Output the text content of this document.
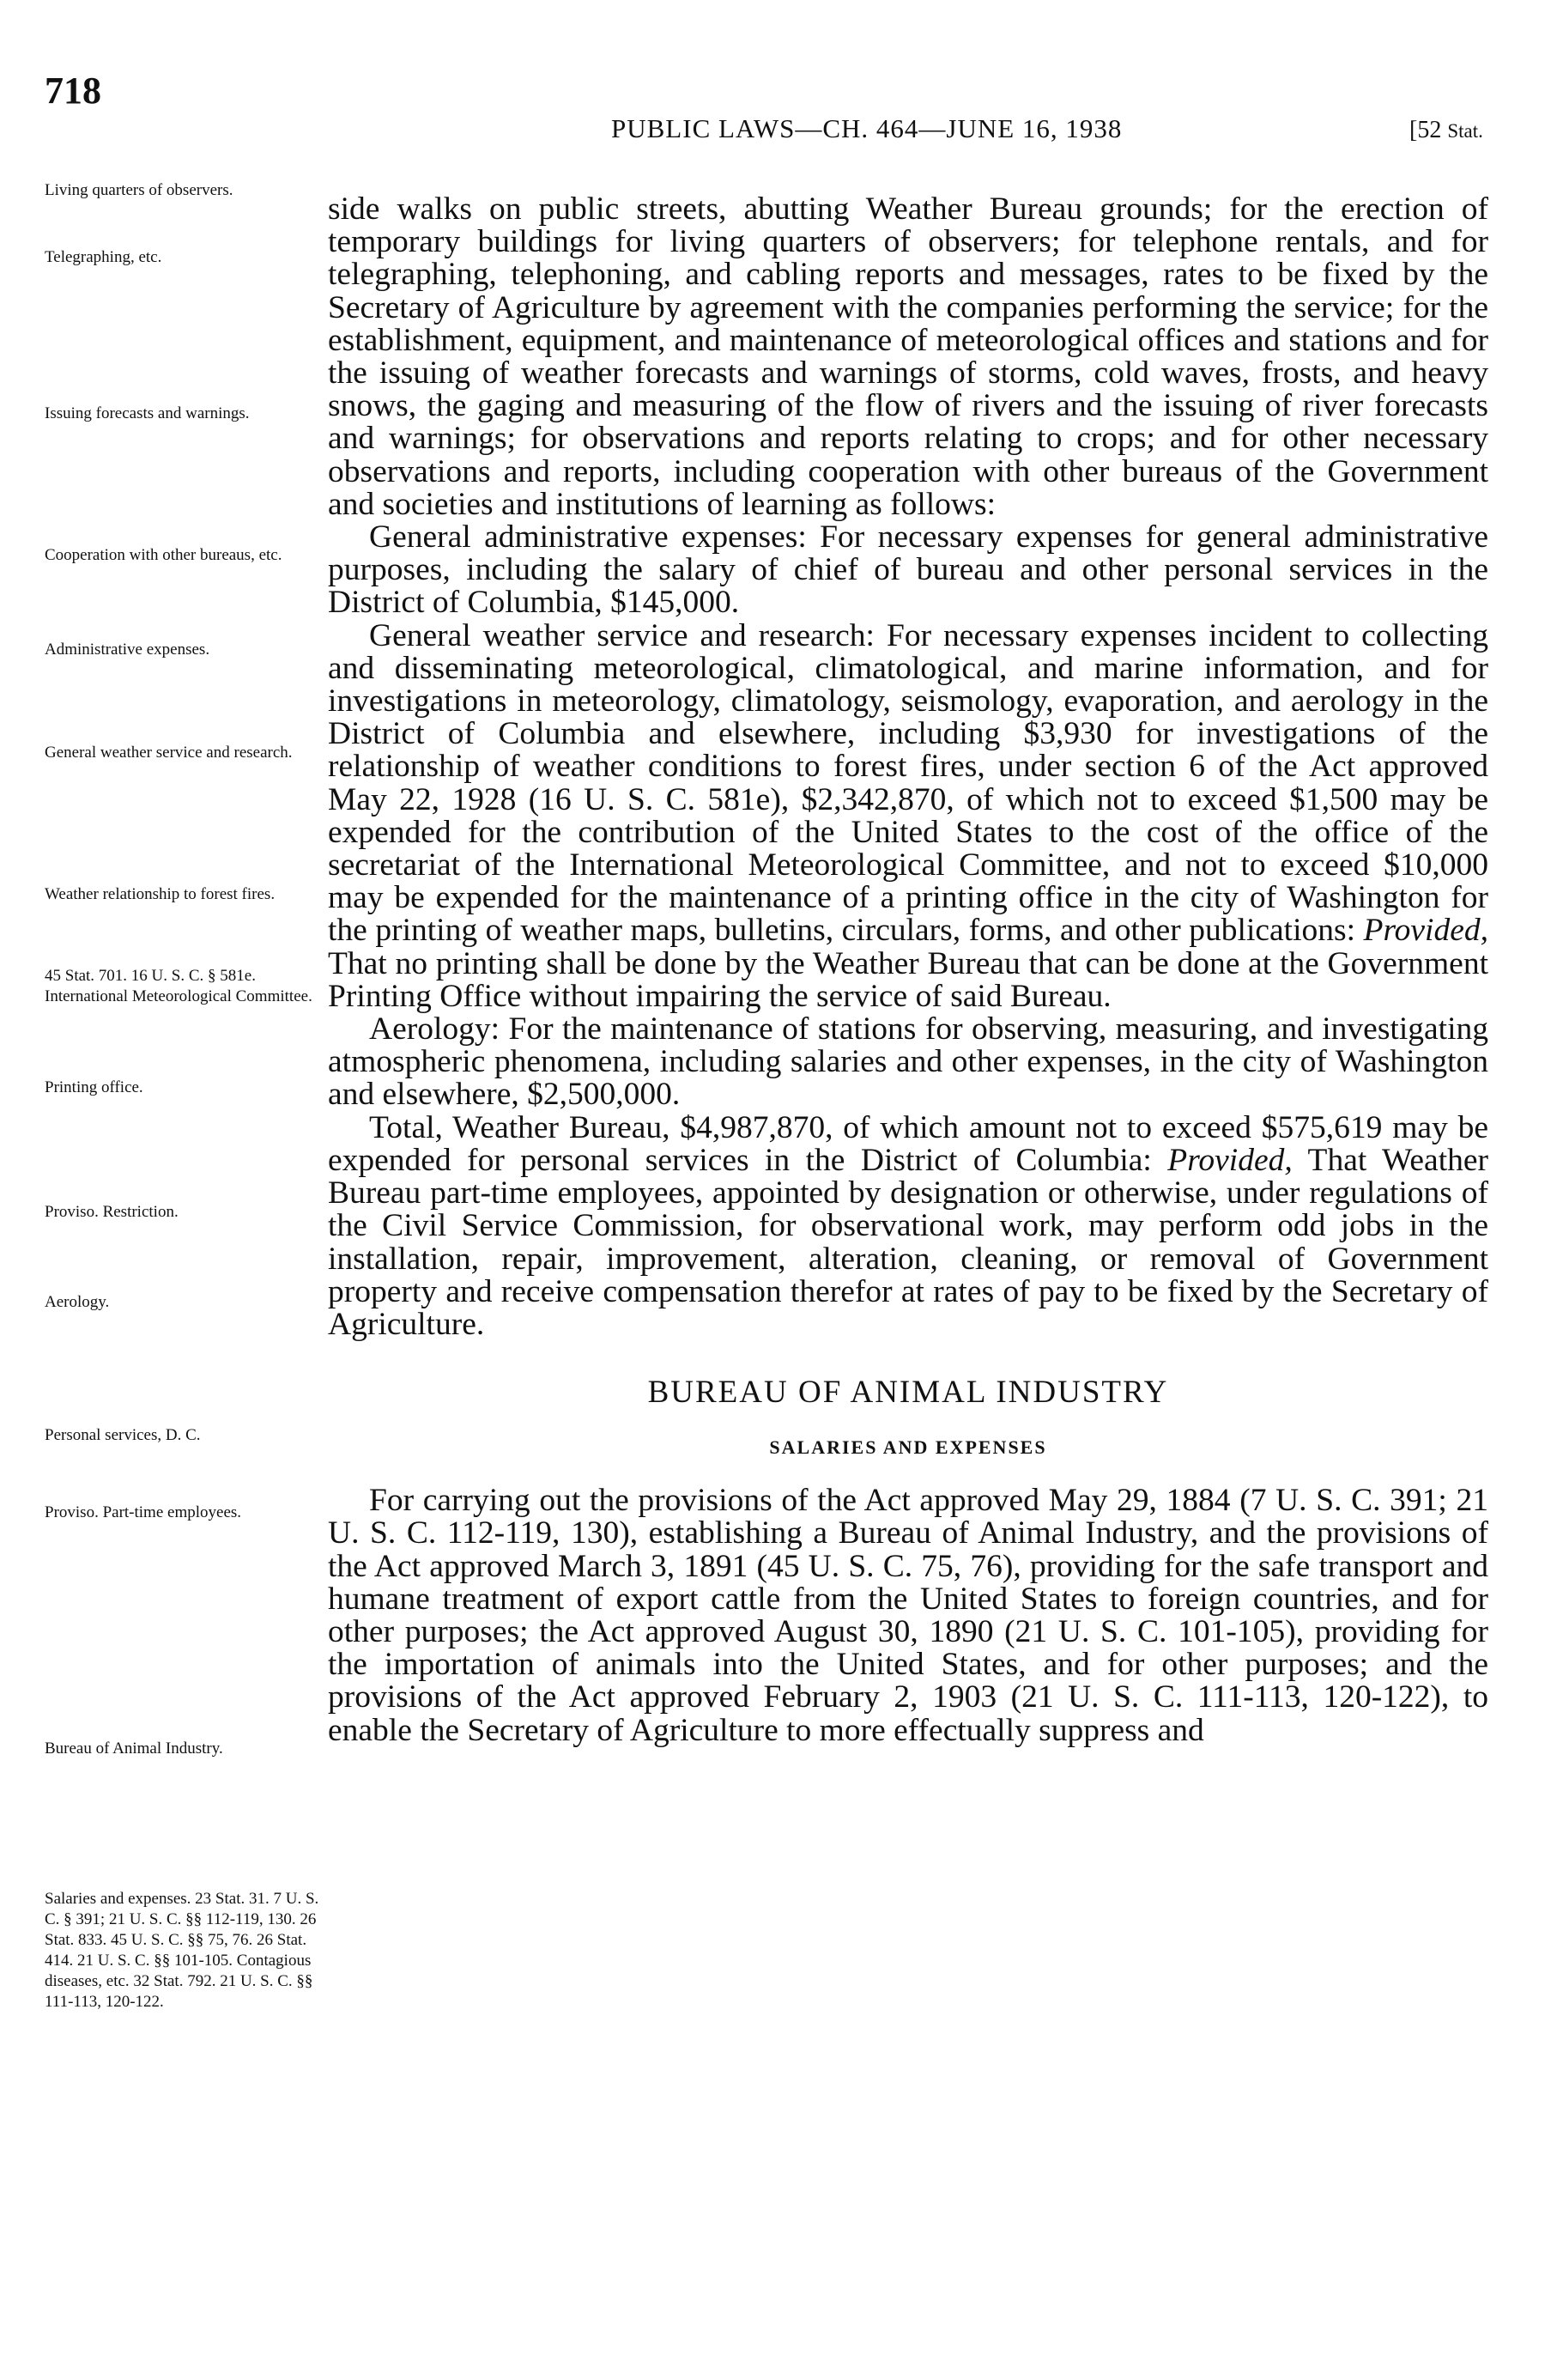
718
PUBLIC LAWS—CH. 464—JUNE 16, 1938	[52 Stat.
Living quarters of observers.
Telegraphing, etc.
Issuing forecasts and warnings.
Cooperation with other bureaus, etc.
Administrative expenses.
General weather service and research.
Weather relationship to forest fires.
45 Stat. 701. 16 U. S. C. § 581e. International Meteorological Committee.
Printing office.
Proviso. Restriction.
Aerology.
Personal services, D. C.
Proviso. Part-time employees.
Bureau of Animal Industry.
Salaries and expenses. 23 Stat. 31. 7 U. S. C. § 391; 21 U. S. C. §§ 112-119, 130. 26 Stat. 833. 45 U. S. C. §§ 75, 76. 26 Stat. 414. 21 U. S. C. §§ 101-105. Contagious diseases, etc. 32 Stat. 792. 21 U. S. C. §§ 111-113, 120-122.

side walks on public streets, abutting Weather Bureau grounds; for the erection of temporary buildings for living quarters of observers; for telephone rentals, and for telegraphing, telephoning, and cabling reports and messages, rates to be fixed by the Secretary of Agriculture by agreement with the companies performing the service; for the establishment, equipment, and maintenance of meteorological offices and stations and for the issuing of weather forecasts and warnings of storms, cold waves, frosts, and heavy snows, the gaging and measuring of the flow of rivers and the issuing of river forecasts and warnings; for observations and reports relating to crops; and for other necessary observations and reports, including cooperation with other bureaus of the Government and societies and institutions of learning as follows:

General administrative expenses: For necessary expenses for general administrative purposes, including the salary of chief of bureau and other personal services in the District of Columbia, $145,000.

General weather service and research: For necessary expenses incident to collecting and disseminating meteorological, climatological, and marine information, and for investigations in meteorology, climatology, seismology, evaporation, and aerology in the District of Columbia and elsewhere, including $3,930 for investigations of the relationship of weather conditions to forest fires, under section 6 of the Act approved May 22, 1928 (16 U. S. C. 581e), $2,342,870, of which not to exceed $1,500 may be expended for the contribution of the United States to the cost of the office of the secretariat of the International Meteorological Committee, and not to exceed $10,000 may be expended for the maintenance of a printing office in the city of Washington for the printing of weather maps, bulletins, circulars, forms, and other publications: Provided, That no printing shall be done by the Weather Bureau that can be done at the Government Printing Office without impairing the service of said Bureau.

Aerology: For the maintenance of stations for observing, measuring, and investigating atmospheric phenomena, including salaries and other expenses, in the city of Washington and elsewhere, $2,500,000.

Total, Weather Bureau, $4,987,870, of which amount not to exceed $575,619 may be expended for personal services in the District of Columbia: Provided, That Weather Bureau part-time employees, appointed by designation or otherwise, under regulations of the Civil Service Commission, for observational work, may perform odd jobs in the installation, repair, improvement, alteration, cleaning, or removal of Government property and receive compensation therefor at rates of pay to be fixed by the Secretary of Agriculture.

BUREAU OF ANIMAL INDUSTRY
SALARIES AND EXPENSES

For carrying out the provisions of the Act approved May 29, 1884 (7 U. S. C. 391; 21 U. S. C. 112-119, 130), establishing a Bureau of Animal Industry, and the provisions of the Act approved March 3, 1891 (45 U. S. C. 75, 76), providing for the safe transport and humane treatment of export cattle from the United States to foreign countries, and for other purposes; the Act approved August 30, 1890 (21 U. S. C. 101-105), providing for the importation of animals into the United States, and for other purposes; and the provisions of the Act approved February 2, 1903 (21 U. S. C. 111-113, 120-122), to enable the Secretary of Agriculture to more effectually suppress and
